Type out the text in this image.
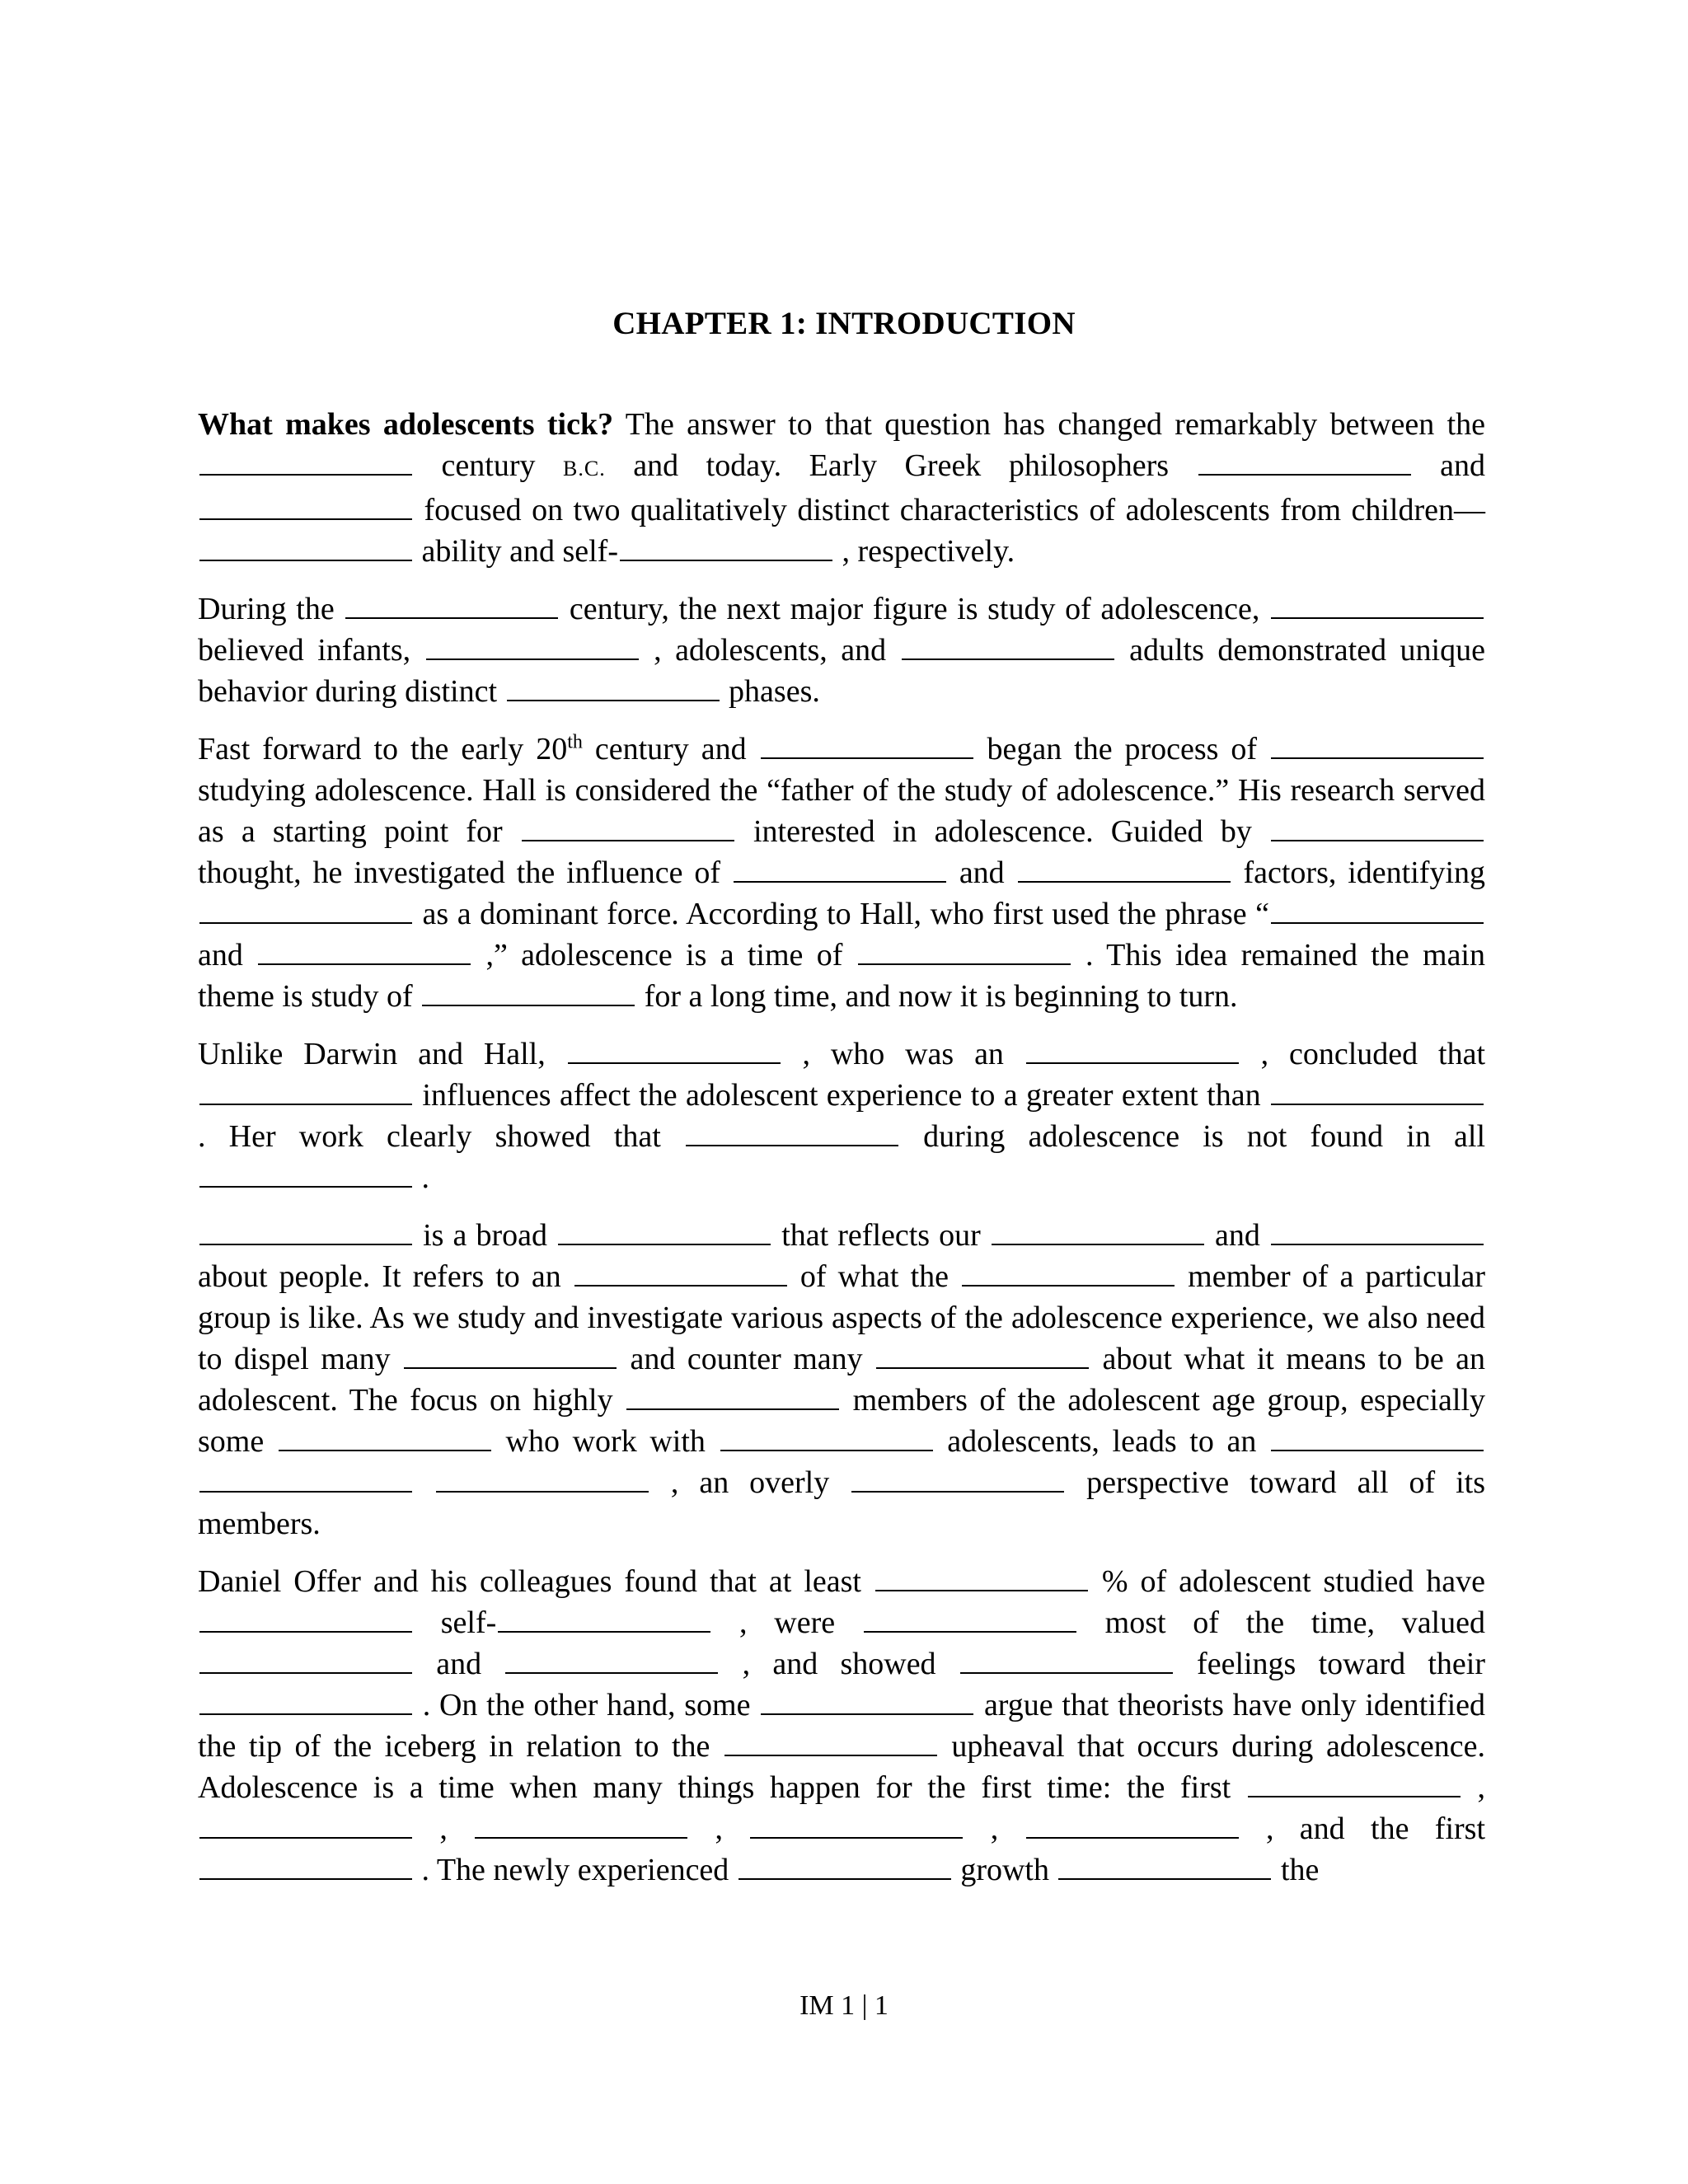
CHAPTER 1: INTRODUCTION

What makes adolescents tick? The answer to that question has changed remarkably between the  century B.C. and today. Early Greek philosophers	and  focused on two qualitatively distinct characteristics of adolescents from children— ability and self-	, respectively.

During the	century, the next major figure is study of adolescence,  believed infants,	, adolescents, and	adults demonstrated unique behavior during distinct	phases.

Fast forward to the early 20th century and	began the process of  studying adolescence. Hall is considered the “father of the study of adolescence.” His research served as a starting point for	interested in adolescence. Guided by  thought, he investigated the influence of	and	factors, identifying  as a dominant force. According to Hall, who first used the phrase “ and	,” adolescence is a time of	. This idea remained the main theme is study of	for a long time, and now it is beginning to turn.

Unlike Darwin and Hall,	, who was an	, concluded that  influences affect the adolescent experience to a greater extent than  . Her work clearly showed that	during adolescence is not found in all  .

is a broad	that reflects our	and  about people. It refers to an	of what the	member of a particular group is like. As we study and investigate various aspects of the adolescence experience, we also need to dispel many	and counter many	about what it means to be an adolescent. The focus on highly	members of the adolescent age group, especially some	who work with	adolescents, leads to an    , an overly	perspective toward all of its members.

Daniel Offer and his colleagues found that at least	% of adolescent studied have  self-	, were	most of the time, valued  and	, and showed	feelings toward their  . On the other hand, some	argue that theorists have only identified the tip of the iceberg in relation to the	upheaval that occurs during adolescence. Adolescence is a time when many things happen for the first time: the first	,  ,	,	,	, and the first  . The newly experienced	growth	the

IM 1 | 1
